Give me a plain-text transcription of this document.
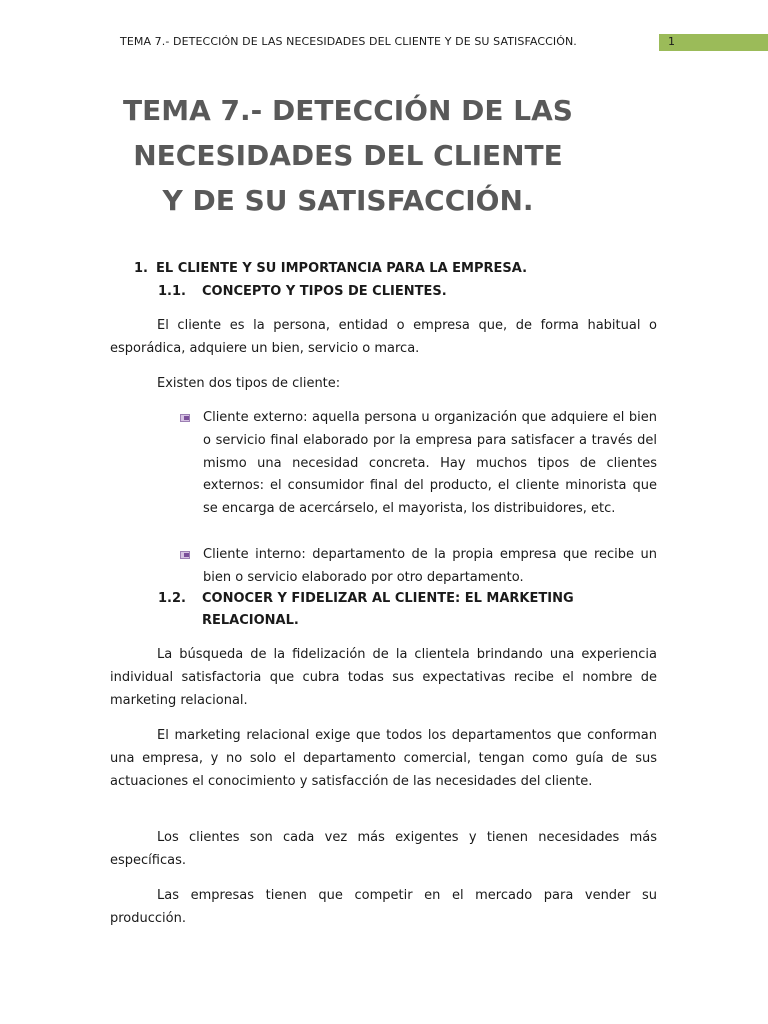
TEMA 7.- DETECCIÓN DE LAS NECESIDADES DEL CLIENTE Y DE SU SATISFACCIÓN.	1
TEMA 7.- DETECCIÓN DE LAS
NECESIDADES DEL CLIENTE
Y DE SU SATISFACCIÓN.
1. EL CLIENTE Y SU IMPORTANCIA PARA LA EMPRESA.
1.1. CONCEPTO Y TIPOS DE CLIENTES.

El cliente es la persona, entidad o empresa que, de forma habitual o esporádica, adquiere un bien, servicio o marca.

Existen dos tipos de cliente:

Cliente externo: aquella persona u organización que adquiere el bien o servicio final elaborado por la empresa para satisfacer a través del mismo una necesidad concreta. Hay muchos tipos de clientes externos: el consumidor final del producto, el cliente minorista que se encarga de acercárselo, el mayorista, los distribuidores, etc.
Cliente interno: departamento de la propia empresa que recibe un bien o servicio elaborado por otro departamento.
1.2. CONOCER Y FIDELIZAR AL CLIENTE: EL MARKETING
RELACIONAL.

La búsqueda de la fidelización de la clientela brindando una experiencia individual satisfactoria que cubra todas sus expectativas recibe el nombre de marketing relacional.

El marketing relacional exige que todos los departamentos que conforman una empresa, y no solo el departamento comercial, tengan como guía de sus actuaciones el conocimiento y satisfacción de las necesidades del cliente.

Los clientes son cada vez más exigentes y tienen necesidades más específicas.

Las empresas tienen que competir en el mercado para vender su producción.
